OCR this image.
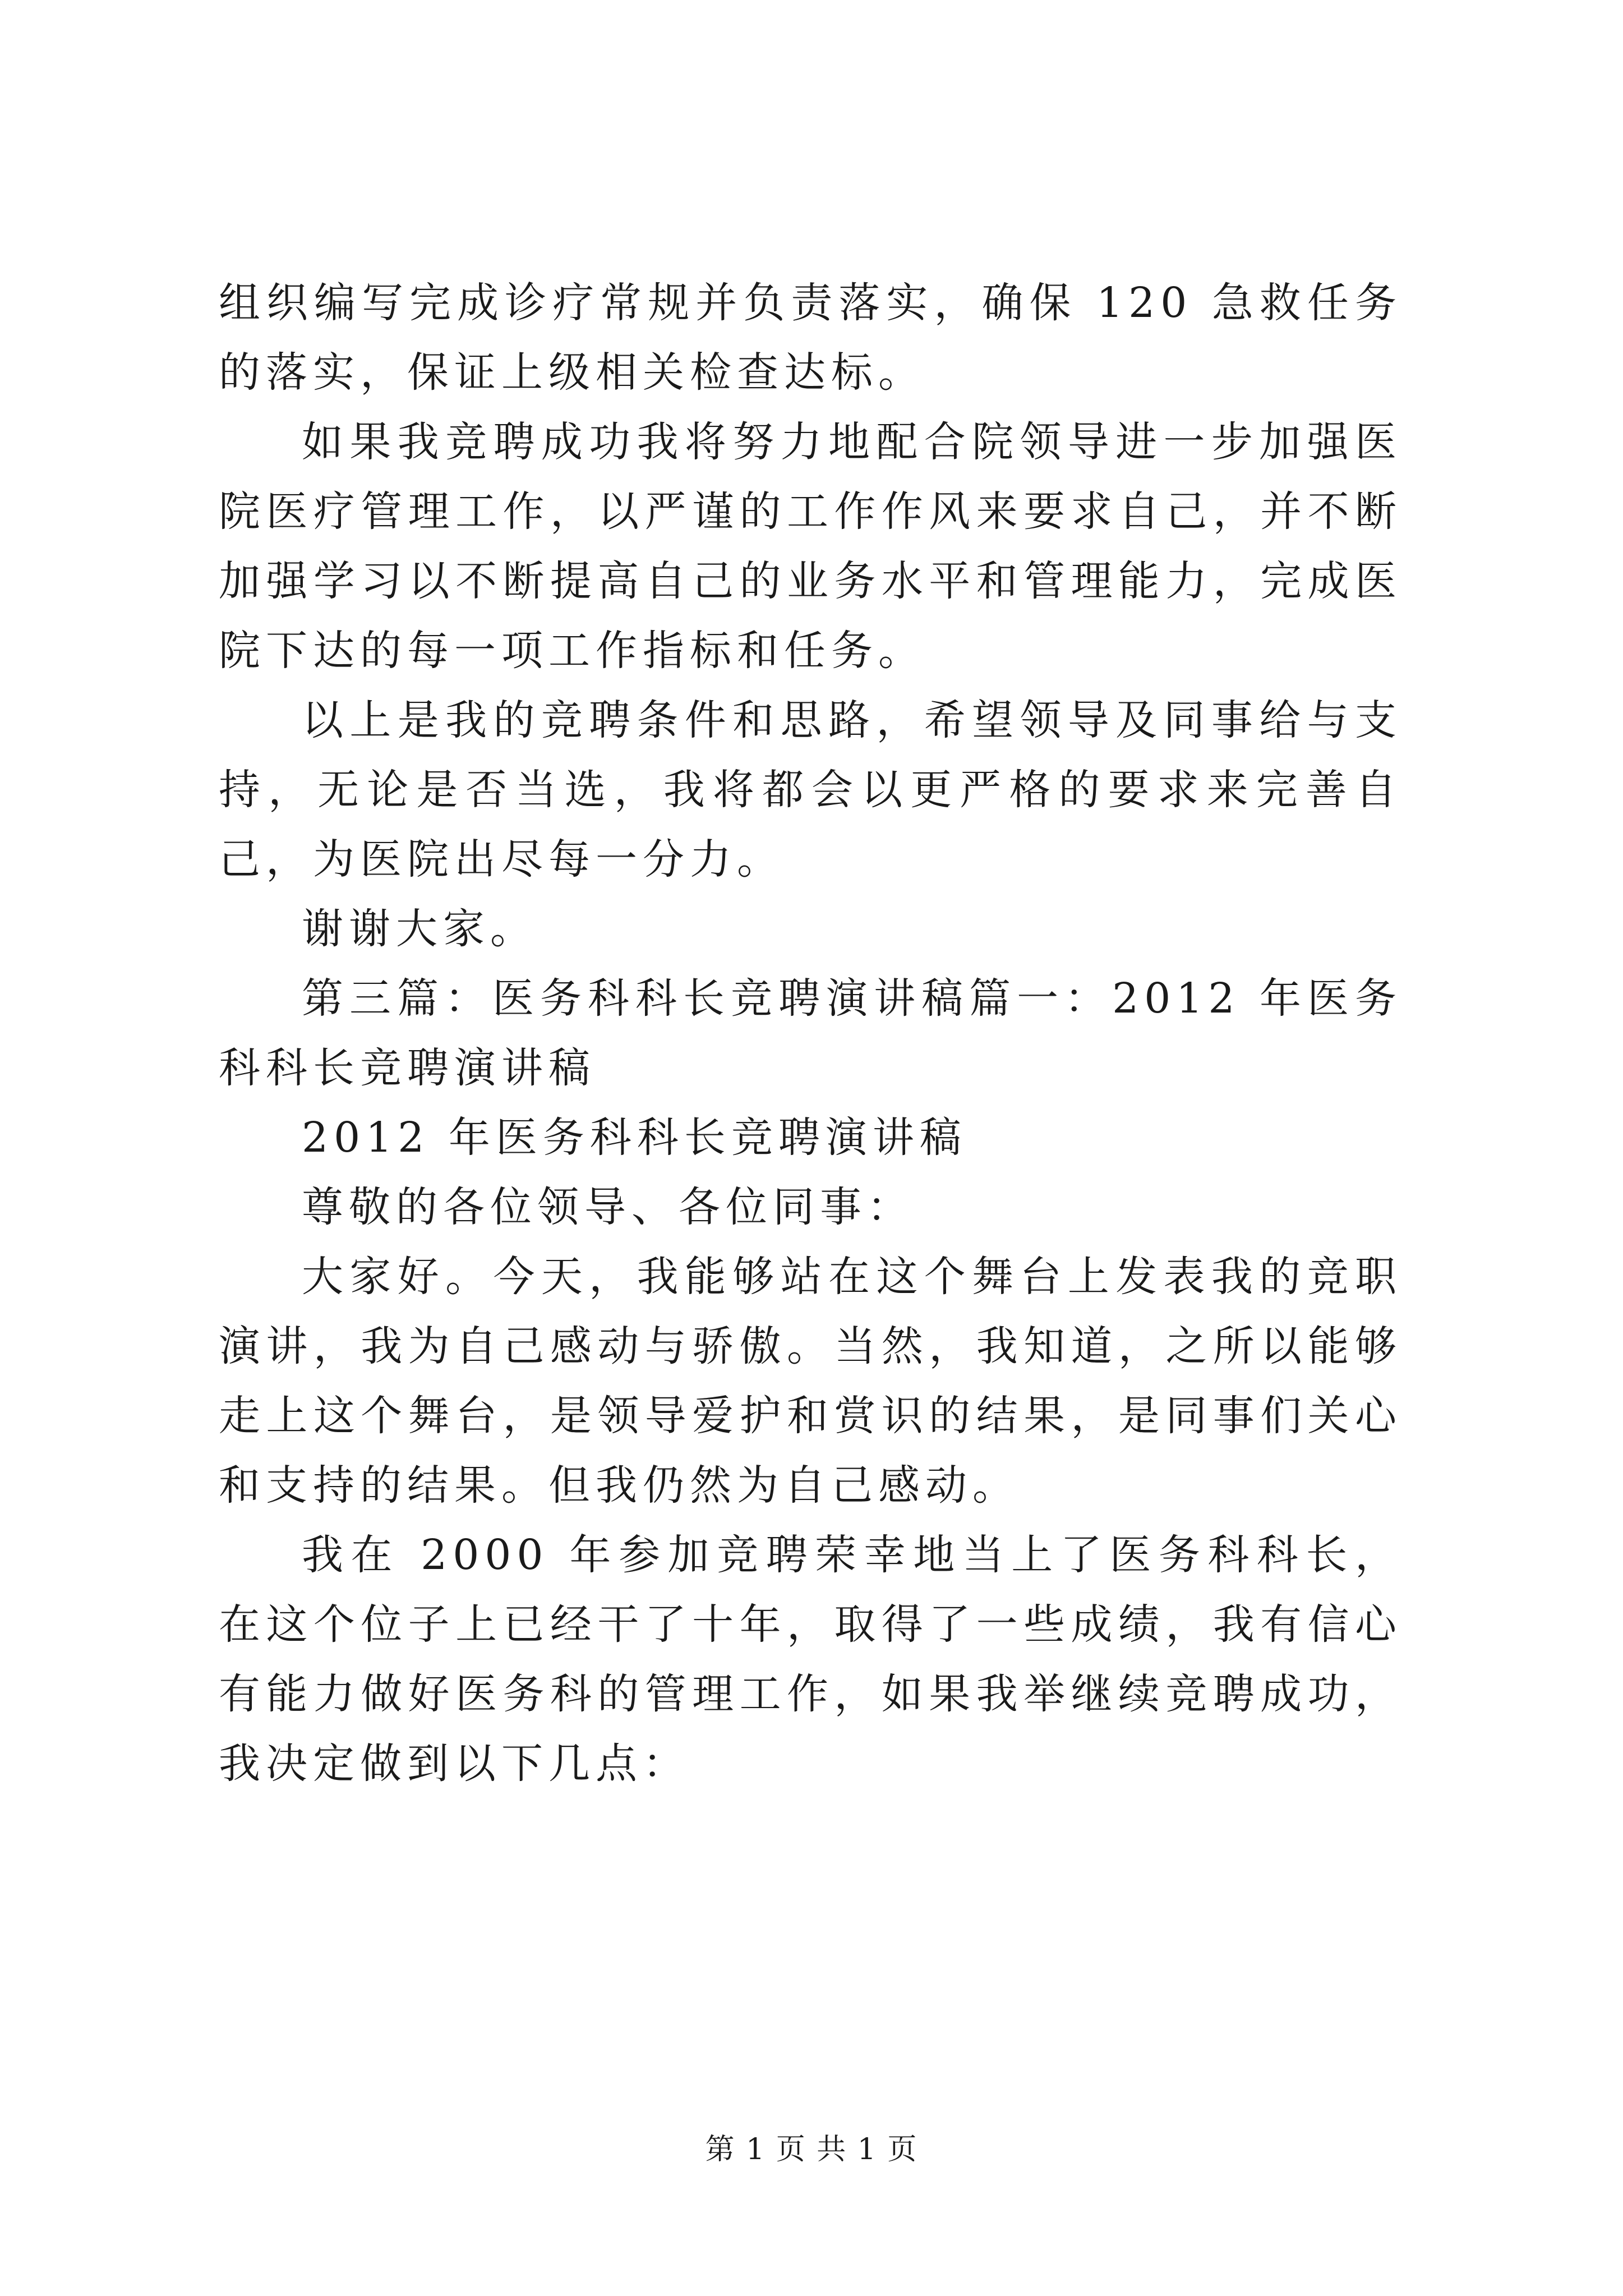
组织编写完成诊疗常规并负责落实，确保 120 急救任务的落实，保证上级相关检查达标。

如果我竞聘成功我将努力地配合院领导进一步加强医院医疗管理工作，以严谨的工作作风来要求自己，并不断加强学习以不断提高自己的业务水平和管理能力，完成医院下达的每一项工作指标和任务。

以上是我的竞聘条件和思路，希望领导及同事给与支持，无论是否当选，我将都会以更严格的要求来完善自己，为医院出尽每一分力。

谢谢大家。

第三篇：医务科科长竞聘演讲稿篇一：2012 年医务科科长竞聘演讲稿

2012 年医务科科长竞聘演讲稿

尊敬的各位领导、各位同事：

大家好。今天，我能够站在这个舞台上发表我的竞职演讲，我为自己感动与骄傲。当然，我知道，之所以能够走上这个舞台，是领导爱护和赏识的结果，是同事们关心和支持的结果。但我仍然为自己感动。

我在 2000 年参加竞聘荣幸地当上了医务科科长，在这个位子上已经干了十年，取得了一些成绩，我有信心有能力做好医务科的管理工作，如果我举继续竞聘成功，我决定做到以下几点：

第 1 页 共 1 页
